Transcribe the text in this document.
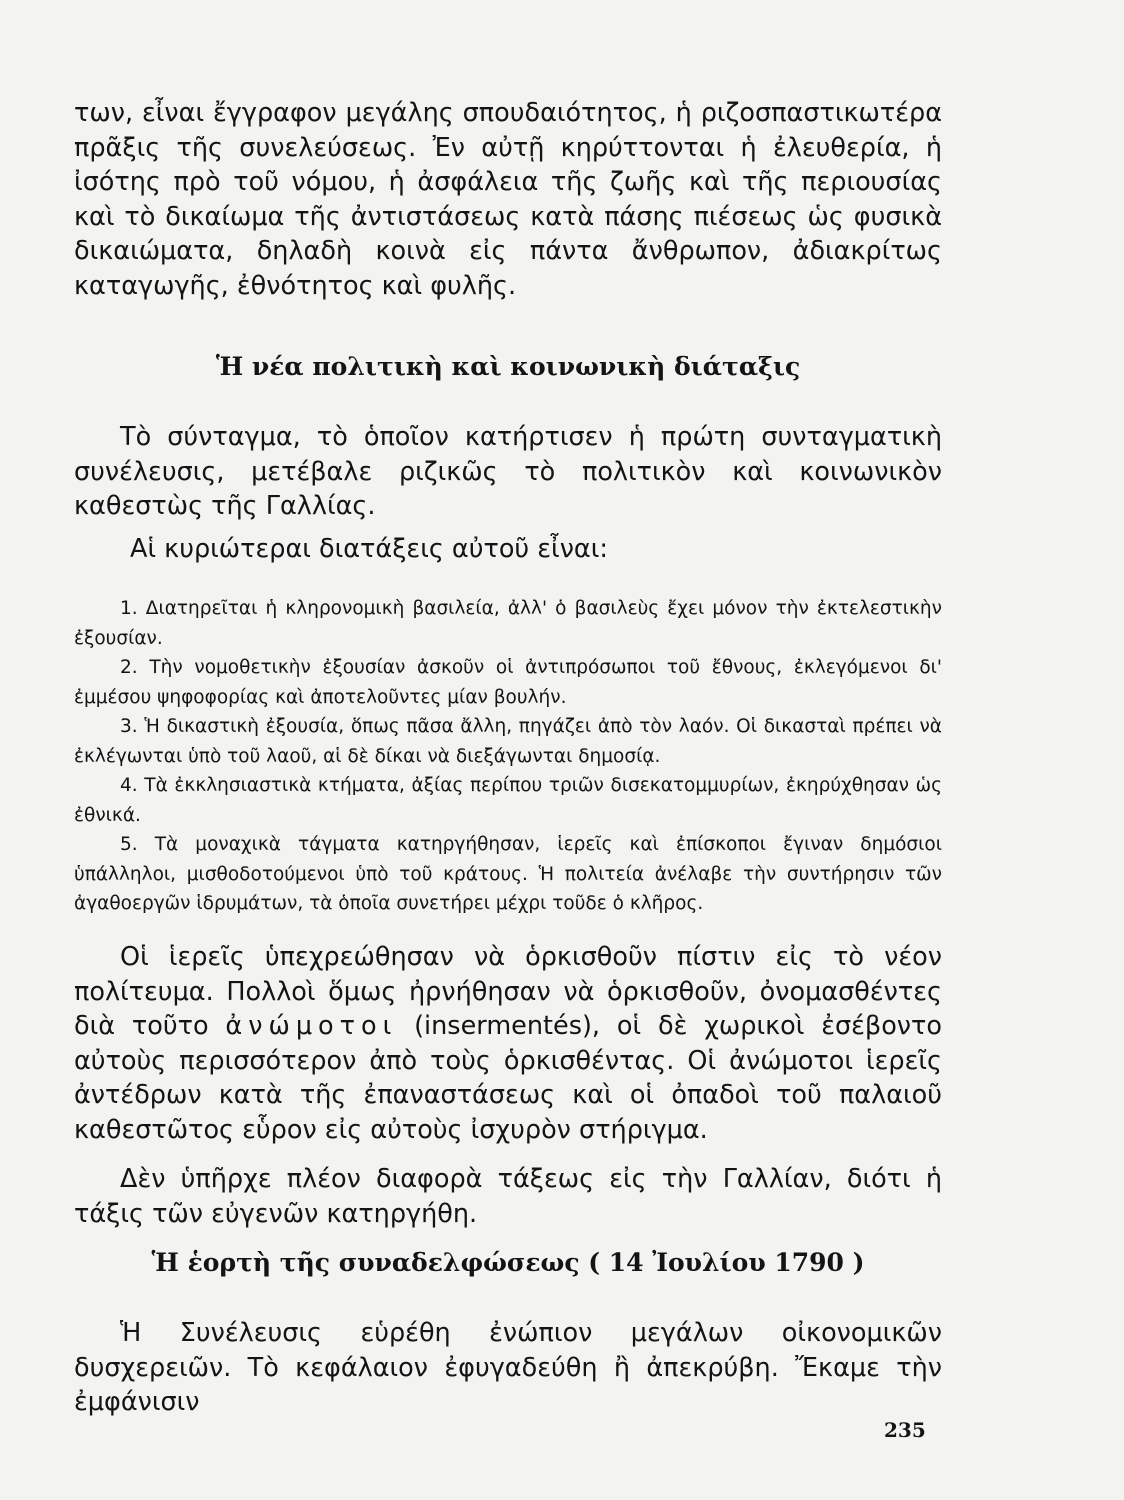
των, εἶναι ἔγγραφον μεγάλης σπουδαιότητος, ἡ ριζοσπαστικωτέρα πρᾶξις τῆς συνελεύσεως. Ἐν αὐτῇ κηρύττονται ἡ ἐλευθερία, ἡ ἰσότης πρὸ τοῦ νόμου, ἡ ἀσφάλεια τῆς ζωῆς καὶ τῆς περιουσίας καὶ τὸ δικαίωμα τῆς ἀντιστάσεως κατὰ πάσης πιέσεως ὡς φυσικὰ δικαιώματα, δηλαδὴ κοινὰ εἰς πάντα ἄνθρωπον, ἀδιακρίτως καταγωγῆς, ἐθνότητος καὶ φυλῆς.

Ἡ νέα πολιτικὴ καὶ κοινωνικὴ διάταξις

Τὸ σύνταγμα, τὸ ὁποῖον κατήρτισεν ἡ πρώτη συνταγματικὴ συνέλευσις, μετέβαλε ριζικῶς τὸ πολιτικὸν καὶ κοινωνικὸν καθεστὼς τῆς Γαλλίας.

Αἱ κυριώτεραι διατάξεις αὐτοῦ εἶναι:

1. Διατηρεῖται ἡ κληρονομικὴ βασιλεία, ἀλλ' ὁ βασιλεὺς ἔχει μόνον τὴν ἐκτελεστικὴν ἐξουσίαν.

2. Τὴν νομοθετικὴν ἐξουσίαν ἀσκοῦν οἱ ἀντιπρόσωποι τοῦ ἔθνους, ἐκλεγόμενοι δι' ἐμμέσου ψηφοφορίας καὶ ἀποτελοῦντες μίαν βουλήν.

3. Ἡ δικαστικὴ ἐξουσία, ὅπως πᾶσα ἄλλη, πηγάζει ἀπὸ τὸν λαόν. Οἱ δικασταὶ πρέπει νὰ ἐκλέγωνται ὑπὸ τοῦ λαοῦ, αἱ δὲ δίκαι νὰ διεξάγωνται δημοσίᾳ.

4. Τὰ ἐκκλησιαστικὰ κτήματα, ἀξίας περίπου τριῶν δισεκατομμυρίων, ἐκηρύχθησαν ὡς ἐθνικά.

5. Τὰ μοναχικὰ τάγματα κατηργήθησαν, ἱερεῖς καὶ ἐπίσκοποι ἔγιναν δημόσιοι ὑπάλληλοι, μισθοδοτούμενοι ὑπὸ τοῦ κράτους. Ἡ πολιτεία ἀνέλαβε τὴν συντήρησιν τῶν ἀγαθοεργῶν ἱδρυμάτων, τὰ ὁποῖα συνετήρει μέχρι τοῦδε ὁ κλῆρος.

Οἱ ἱερεῖς ὑπεχρεώθησαν νὰ ὁρκισθοῦν πίστιν εἰς τὸ νέον πολίτευμα. Πολλοὶ ὅμως ἠρνήθησαν νὰ ὁρκισθοῦν, ὀνομασθέντες διὰ τοῦτο ἀνώμοτοι (insermentés), οἱ δὲ χωρικοὶ ἐσέβοντο αὐτοὺς περισσότερον ἀπὸ τοὺς ὁρκισθέντας. Οἱ ἀνώμοτοι ἱερεῖς ἀντέδρων κατὰ τῆς ἐπαναστάσεως καὶ οἱ ὀπαδοὶ τοῦ παλαιοῦ καθεστῶτος εὗρον εἰς αὐτοὺς ἰσχυρὸν στήριγμα.

Δὲν ὑπῆρχε πλέον διαφορὰ τάξεως εἰς τὴν Γαλλίαν, διότι ἡ τάξις τῶν εὐγενῶν κατηργήθη.

Ἡ ἑορτὴ τῆς συναδελφώσεως ( 14 Ἰουλίου 1790 )

Ἡ Συνέλευσις εὑρέθη ἐνώπιον μεγάλων οἰκονομικῶν δυσχερειῶν. Τὸ κεφάλαιον ἐφυγαδεύθη ἢ ἀπεκρύβη. Ἔκαμε τὴν ἐμφάνισιν

235
